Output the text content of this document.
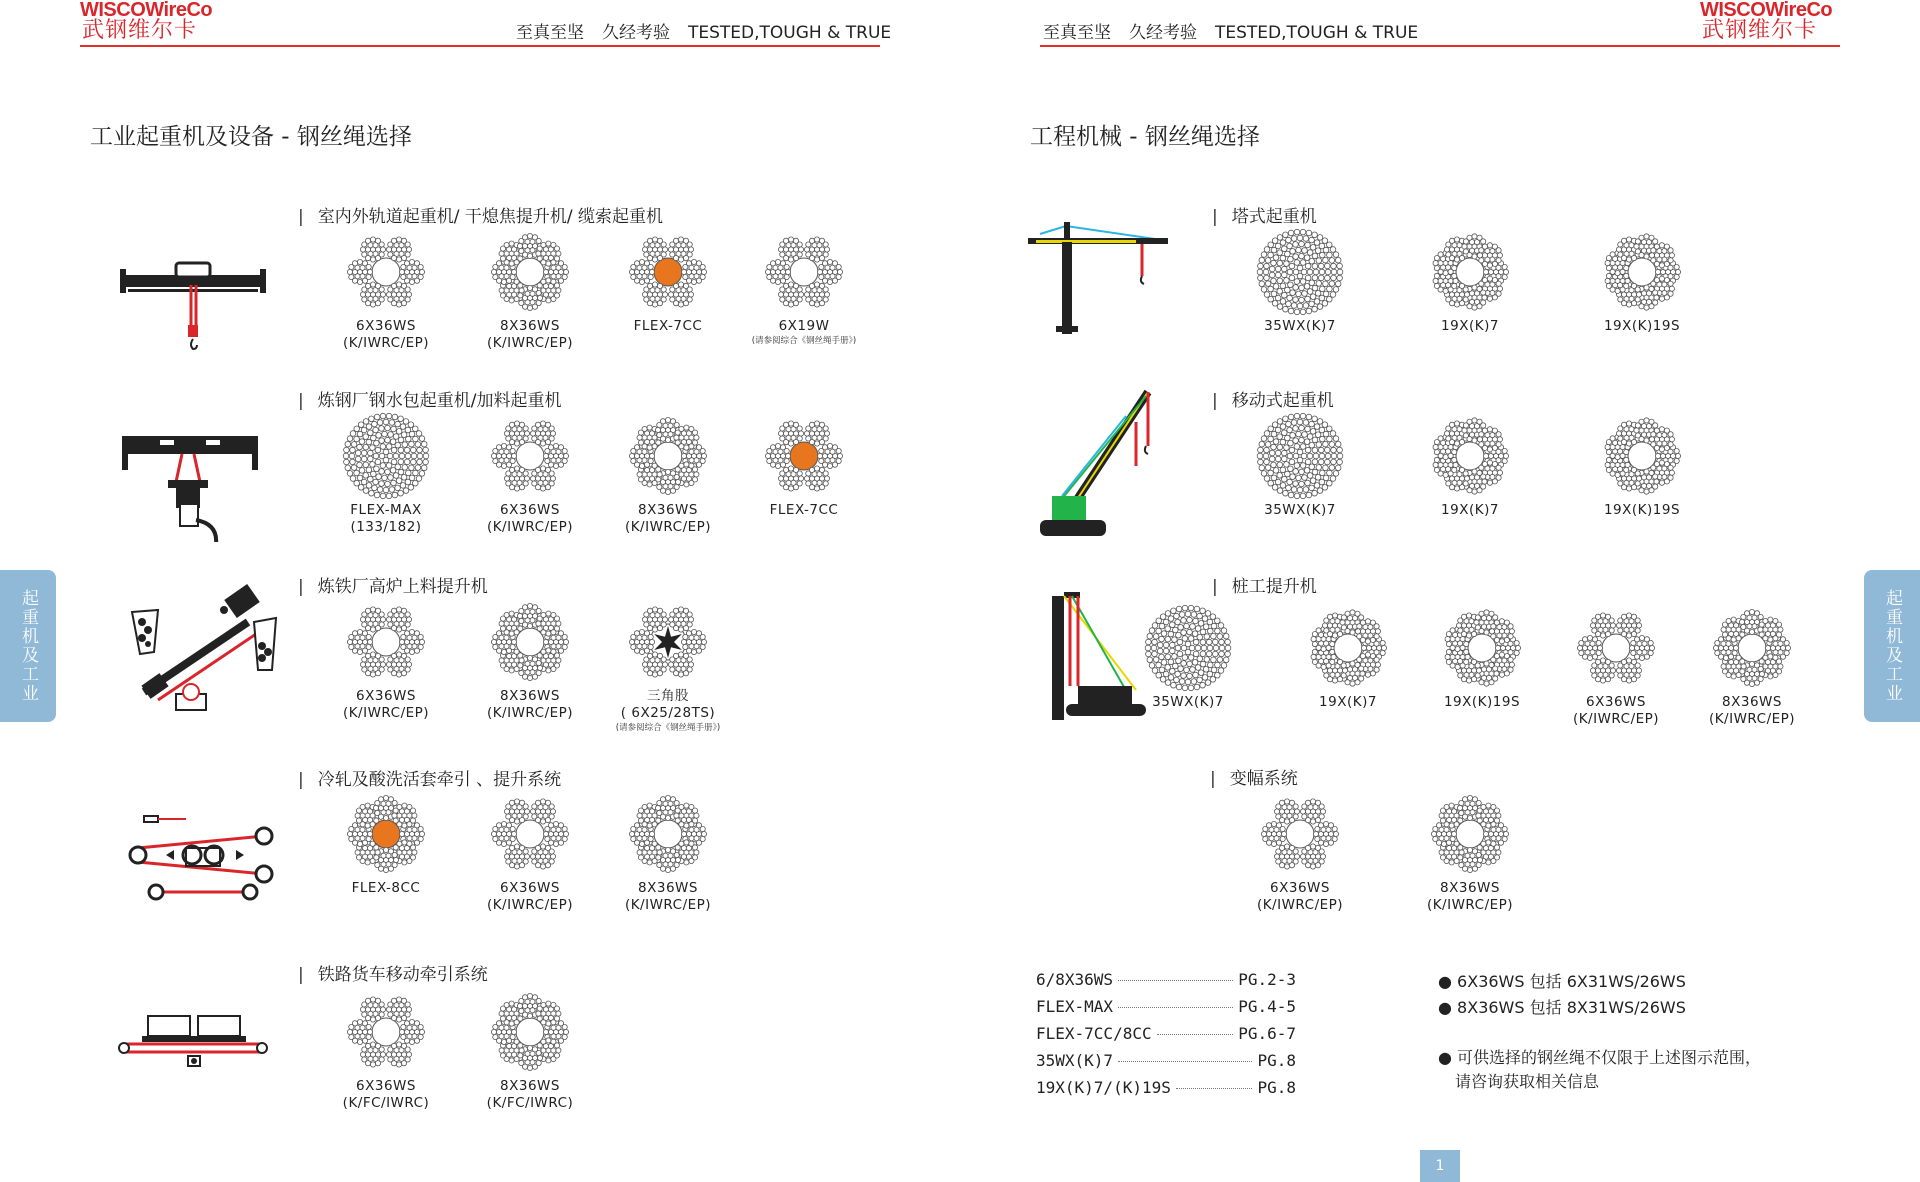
WISCOWireCo
武钢维尔卡	至真至坚 久经考验 TESTED,TOUGH & TRUE	至真至坚 久经考验 TESTED,TOUGH & TRUE
WISCOWireCo
武钢维尔卡
工业起重机及设备 - 钢丝绳选择	工程机械 - 钢丝绳选择
起重机及工业	起重机及工业
| 室内外轨道起重机/ 干熄焦提升机/ 缆索起重机
| 炼钢厂钢水包起重机/加料起重机
| 炼铁厂高炉上料提升机
| 冷轧及酸洗活套牵引 、提升系统
| 铁路货车移动牵引系统
| 塔式起重机
| 移动式起重机
| 桩工提升机
| 变幅系统
6X36WS
(K/IWRC/EP)
8X36WS
(K/IWRC/EP)
FLEX-7CC	6X19W
(请参阅综合《钢丝绳手册》)
FLEX-MAX
(133/182)
6X36WS
(K/IWRC/EP)
8X36WS
(K/IWRC/EP)
FLEX-7CC
6X36WS
(K/IWRC/EP)
8X36WS
(K/IWRC/EP)
三角股
( 6X25/28TS)
(请参阅综合《钢丝绳手册》)
FLEX-8CC	6X36WS
(K/IWRC/EP)
8X36WS
(K/IWRC/EP)
6X36WS
(K/FC/IWRC)
8X36WS
(K/FC/IWRC)
35WX(K)7	19X(K)7	19X(K)19S
35WX(K)7	19X(K)7	19X(K)19S
35WX(K)7	19X(K)7	19X(K)19S	6X36WS
(K/IWRC/EP)
8X36WS
(K/IWRC/EP)
6X36WS
(K/IWRC/EP)
8X36WS
(K/IWRC/EP)
6/8X36WS	PG.2-3
FLEX-MAX	PG.4-5
FLEX-7CC/8CC	PG.6-7
35WX(K)7	PG.8
19X(K)7/(K)19S	PG.8
● 6X36WS 包括 6X31WS/26WS
● 8X36WS 包括 8X31WS/26WS
● 可供选择的钢丝绳不仅限于上述图示范围，
请咨询获取相关信息
1
